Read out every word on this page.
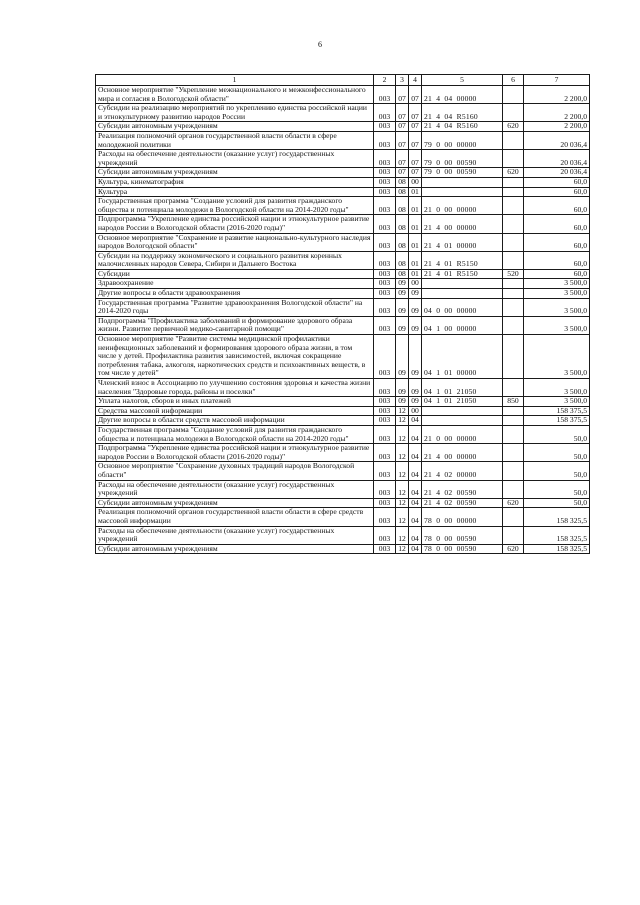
6
1	2	3	4	5	6	7
Основное мероприятие "Укрепление межнационального и межконфессионального мира и согласия в Вологодской области"	003	07	07	21  4  04  00000		2 200,0
Субсидии на реализацию мероприятий по укреплению единства российской нации и этнокультурному развитию народов России	003	07	07	21  4  04  R5160		2 200,0
Субсидии автономным учреждениям	003	07	07	21  4  04  R5160	620	2 200,0
Реализация полномочий органов государственной власти области в сфере молодежной политики	003	07	07	79  0  00  00000		20 036,4
Расходы на обеспечение деятельности (оказание услуг) государственных учреждений	003	07	07	79  0  00  00590		20 036,4
Субсидии автономным учреждениям	003	07	07	79  0  00  00590	620	20 036,4
Культура, кинематография	003	08	00			60,0
Культура	003	08	01			60,0
Государственная программа "Создание условий для развития гражданского общества и потенциала молодежи в Вологодской области на 2014-2020 годы"	003	08	01	21  0  00  00000		60,0
Подпрограмма "Укрепление единства российской нации и этнокультурное развитие народов России в Вологодской области (2016-2020 годы)"	003	08	01	21  4  00  00000		60,0
Основное мероприятие "Сохранение и развитие национально-культурного наследия народов Вологодской области"	003	08	01	21  4  01  00000		60,0
Субсидии на поддержку экономического и социального развития коренных малочисленных народов Севера, Сибири и Дальнего Востока	003	08	01	21  4  01  R5150		60,0
Субсидии	003	08	01	21  4  01  R5150	520	60,0
Здравоохранение	003	09	00			3 500,0
Другие вопросы в области здравоохранения	003	09	09			3 500,0
Государственная программа "Развитие здравоохранения Вологодской области" на 2014-2020 годы	003	09	09	04  0  00  00000		3 500,0
Подпрограмма "Профилактика заболеваний и формирование здорового образа жизни. Развитие первичной медико-санитарной помощи"	003	09	09	04  1  00  00000		3 500,0
Основное мероприятие "Развитие системы медицинской профилактики неинфекционных заболеваний и формирования здорового образа жизни, в том числе у детей. Профилактика развития зависимостей, включая сокращение потребления табака, алкоголя, наркотических средств и психоактивных веществ, в том числе у детей"	003	09	09	04  1  01  00000		3 500,0
Членский взнос в Ассоциацию по улучшению состояния здоровья и качества жизни населения "Здоровые города, районы и поселки"	003	09	09	04  1  01  21050		3 500,0
Уплата налогов, сборов и иных платежей	003	09	09	04  1  01  21050	850	3 500,0
Средства массовой информации	003	12	00			158 375,5
Другие вопросы в области средств массовой информации	003	12	04			158 375,5
Государственная программа "Создание условий для развития гражданского общества и потенциала молодежи в Вологодской области на 2014-2020 годы"	003	12	04	21  0  00  00000		50,0
Подпрограмма "Укрепление единства российской нации и этнокультурное развитие народов России в Вологодской области (2016-2020 годы)"	003	12	04	21  4  00  00000		50,0
Основное мероприятие "Сохранение духовных традиций народов Вологодской области"	003	12	04	21  4  02  00000		50,0
Расходы на обеспечение деятельности (оказание услуг) государственных учреждений	003	12	04	21  4  02  00590		50,0
Субсидии автономным учреждениям	003	12	04	21  4  02  00590	620	50,0
Реализация полномочий органов государственной власти области в сфере средств массовой информации	003	12	04	78  0  00  00000		158 325,5
Расходы на обеспечение деятельности (оказание услуг) государственных учреждений	003	12	04	78  0  00  00590		158 325,5
Субсидии автономным учреждениям	003	12	04	78  0  00  00590	620	158 325,5
